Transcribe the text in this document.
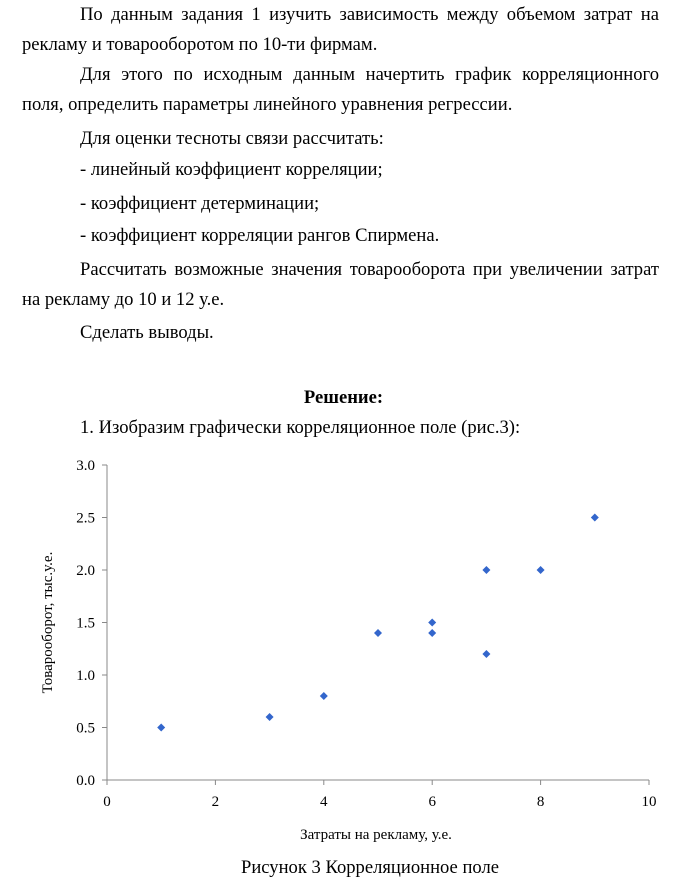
По данным задания 1 изучить зависимость между объемом затрат на

рекламу и товарооборотом по 10-ти фирмам.

Для этого по исходным данным начертить график корреляционного

поля, определить параметры линейного уравнения регрессии.

Для оценки тесноты связи рассчитать:

- линейный коэффициент корреляции;

- коэффициент детерминации;

- коэффициент корреляции рангов Спирмена.

Рассчитать возможные значения товарооборота при увеличении затрат

на рекламу до 10 и 12 у.е.

Сделать выводы.

Решение:

1. Изобразим графически корреляционное поле (рис.3):

0.0
0.5
1.0
1.5
2.0
2.5
3.0
0	2	4	6	8	10
Товарооборот, тыс.у.е.
Затраты на рекламу, у.е.
Рисунок 3 Корреляционное поле
